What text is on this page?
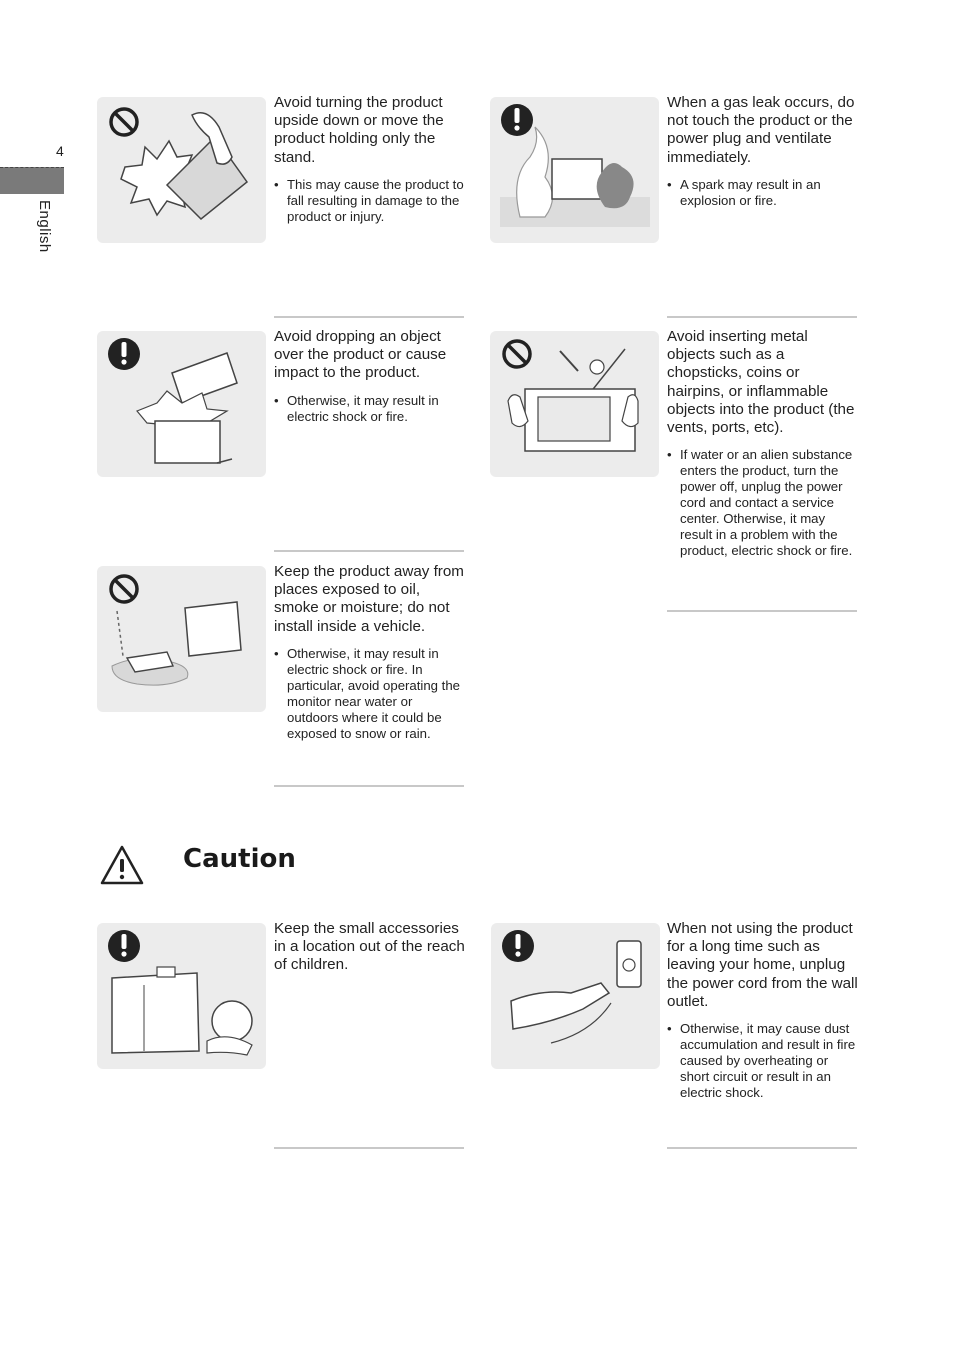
4
English

Avoid turning the product upside down or move the product holding only the stand.

• This may cause the product to fall resulting in damage to the product or injury.

When a gas leak occurs, do not touch the product or the power plug and ventilate immediately.

• A spark may result in an explosion or fire.

Avoid dropping an object over the product or cause impact to the product.

• Otherwise, it may result in electric shock or fire.

Avoid inserting metal objects such as a chopsticks, coins or hairpins, or inflammable objects into the product (the vents, ports, etc).

• If water or an alien substance enters the product, turn the power off, unplug the power cord and contact a service center. Otherwise, it may result in a problem with the product, electric shock or fire.

Keep the product away from places exposed to oil, smoke or moisture; do not install inside a vehicle.

• Otherwise, it may result in electric shock or fire. In particular, avoid operating the monitor near water or outdoors where it could be exposed to snow or rain.

Caution

Keep the small accessories in a location out of the reach of children.

When not using the product for a long time such as leaving your home, unplug the power cord from the wall outlet.

• Otherwise, it may cause dust accumulation and result in fire caused by overheating or short circuit or result in an electric shock.
